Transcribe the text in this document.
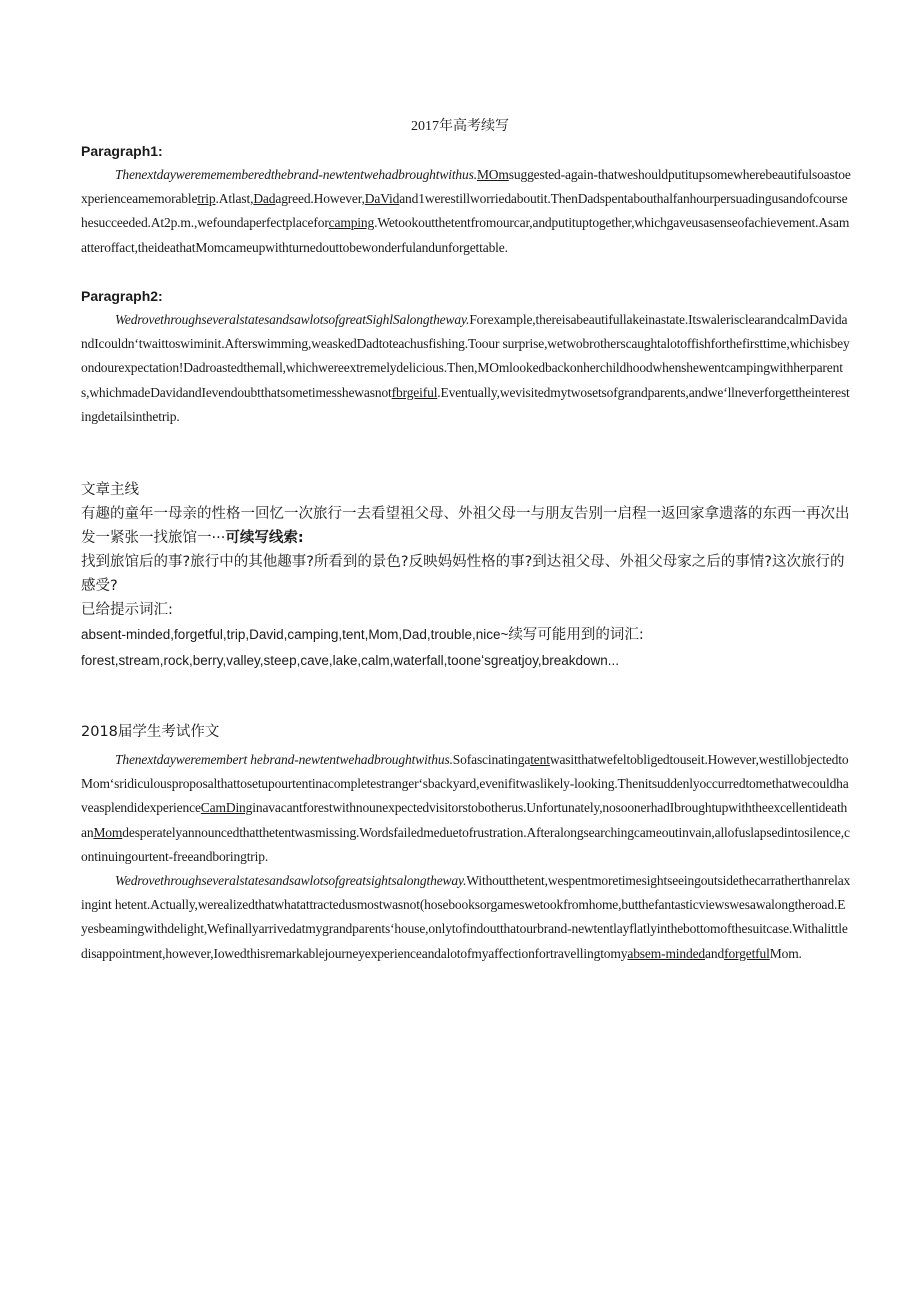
2017年高考续写
Paragraph1:

Thenextdayweremememberedthebrand-newtentwehadbroughtwithus.MOmsuggested-again-thatweshouldputitupsomewherebeautifulsoastoexperienceamemorabletrip.Atlast,Dadagreed.However,DaVidand1werestillworriedaboutit.ThenDadspentabouthalfanhourpersuadingusandofcoursehesucceeded.At2p.m.,wefoundaperfectplaceforcamping.Wetookoutthetentfromourcar,andputituptogether,whichgaveusasenseofachievement.Asamatteroffact,theideathatMomcameupwithturnedouttobewonderfulandunforgettable.

Paragraph2:

WedrovethroughseveralstatesandsawlotsofgreatSighlSalongtheway.Forexample,thereisabeautifullakeinastate.ItswalerisclearandcalmDavidandIcouldnʻtwaittoswiminit.Afterswimming,weaskedDadtoteachusfishing.Toour surprise,wetwobrotherscaughtalotoffishforthefirsttime,whichisbeyondourexpectation!Dadroastedthemall,whichwereextremelydelicious.Then,MOmlookedbackonherchildhoodwhenshewentcampingwithherparents,whichmadeDavidandIevendoubtthatsometimesshewasnotfbrgeiful.Eventually,wevisitedmytwosetsofgrandparents,andweʻllneverforgettheinterestingdetailsinthetrip.

文章主线

有趣的童年一母亲的性格一回忆一次旅行一去看望祖父母、外祖父母一与朋友告别一启程一返回家拿遗落的东西一再次出发一紧张一找旅馆一···可续写线索:

找到旅馆后的事?旅行中的其他趣事?所看到的景色?反映妈妈性格的事?到达祖父母、外祖父母家之后的事情?这次旅行的感受?

已给提示词汇:

absent-minded,forgetful,trip,David,camping,tent,Mom,Dad,trouble,nice~续写可能用到的词汇:

forest,stream,rock,berry,valley,steep,cave,lake,calm,waterfall,tooneʻsgreatjoy,breakdown...

2018届学生考试作文

Thenextdayweremembert hebrand-newtentwehadbroughtwithus.Sofascinatingatentwasitthatwefeltobligedtouseit.However,westillobjectedtoMomʻsridiculousproposalthattosetupourtentinacompletestrangerʻsbackyard,evenifitwaslikely-looking.ThenitsuddenlyoccurredtomethatwecouldhaveasplendidexperienceCamDinginavacantforestwithnounexpectedvisitorstobotherus.Unfortunately,nosoonerhadIbroughtupwiththeexcellentideathanMomdesperatelyannouncedthatthetentwasmissing.Wordsfailedmeduetofrustration.Afteralongsearchingcameoutinvain,allofuslapsedintosilence,continuingourtent-freeandboringtrip.

Wedrovethroughseveralstatesandsawlotsofgreatsightsalongtheway.Withoutthetent,wespentmoretimesightseeingoutsidethecarratherthanrelaxingint hetent.Actually,werealizedthatwhatattractedusmostwasnot(hosebooksorgameswetookfromhome,butthefantasticviewswesawalongtheroad.Eyesbeamingwithdelight,Wefinallyarrivedatmygrandparentsʻhouse,onlytofindoutthatourbrand-newtentlayflatlyinthebottomofthesuitcase.Withalittledisappointment,however,Iowedthisremarkablejourneyexperienceandalotofmyaffectionfortravellingtomyabsem-mindedandforgetfulMom.
